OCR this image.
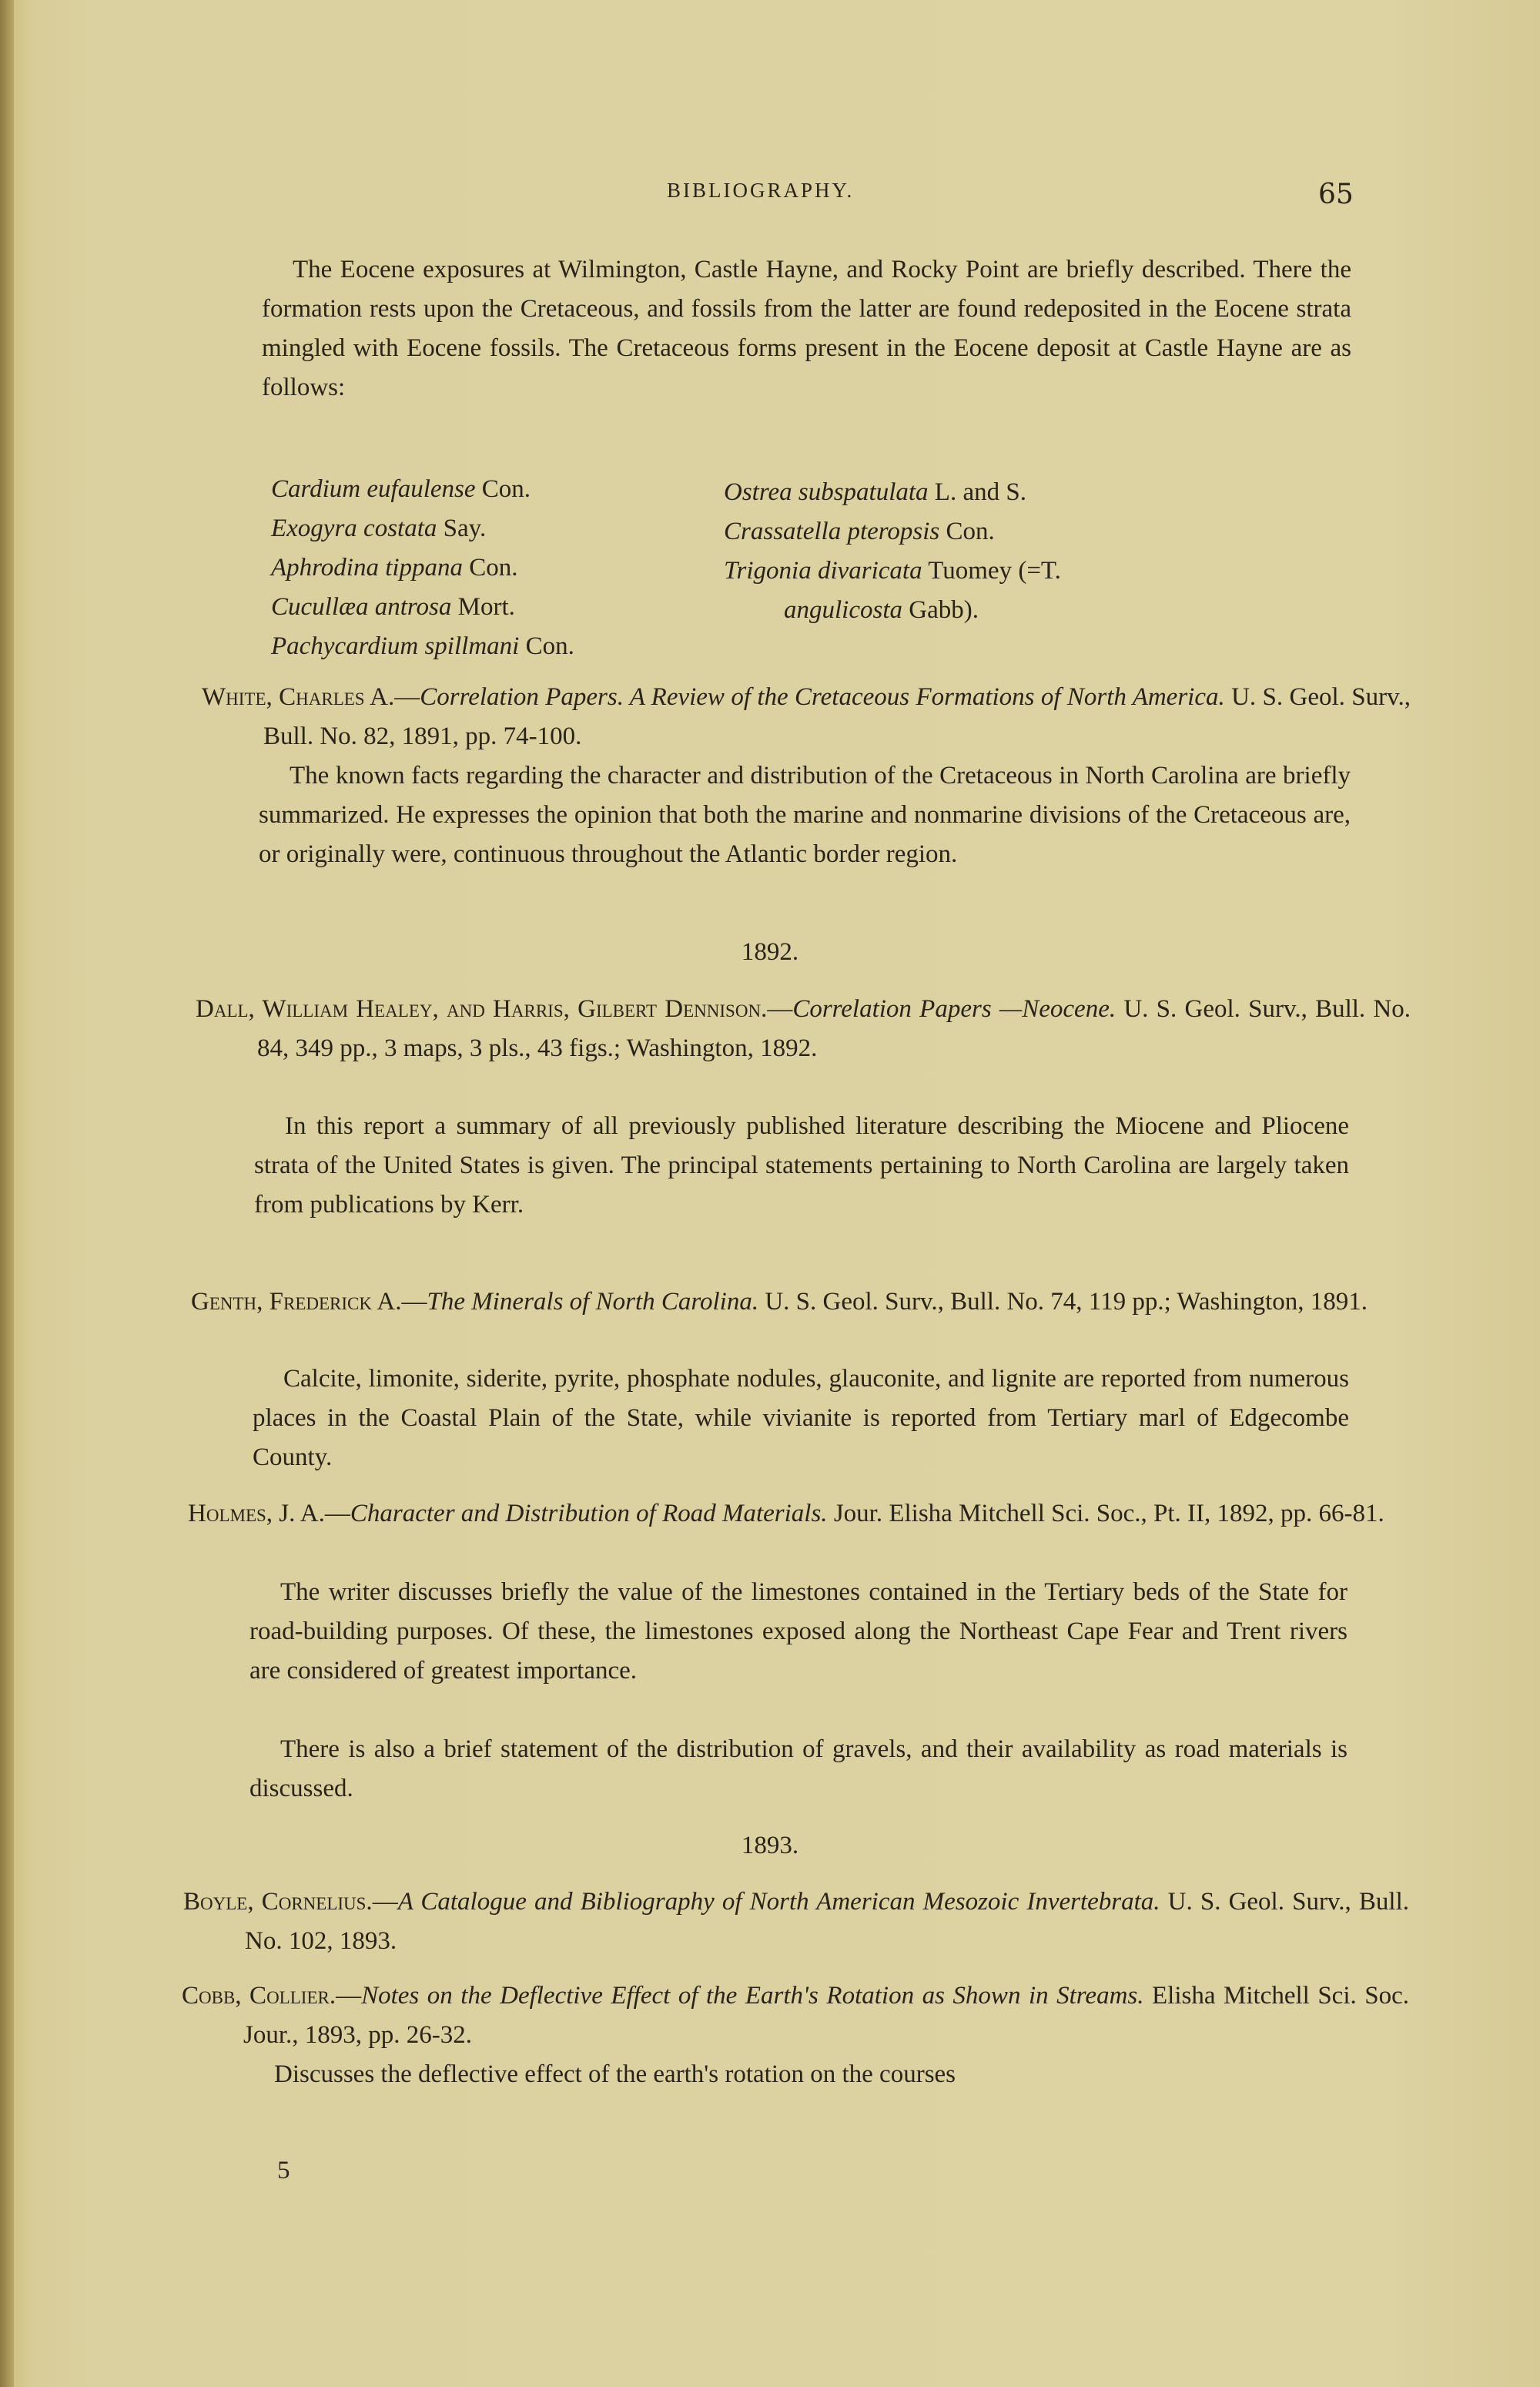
BIBLIOGRAPHY.	65
The Eocene exposures at Wilmington, Castle Hayne, and Rocky Point are briefly described. There the formation rests upon the Cretaceous, and fossils from the latter are found redeposited in the Eocene strata mingled with Eocene fossils. The Cretaceous forms present in the Eocene deposit at Castle Hayne are as follows:
Cardium eufaulense Con.
Exogyra costata Say.
Aphrodina tippana Con.
Cucullæa antrosa Mort.
Pachycardium spillmani Con.
Ostrea subspatulata L. and S.
Crassatella pteropsis Con.
Trigonia divaricata Tuomey (=T.
angulicosta Gabb).
White, Charles A.—Correlation Papers. A Review of the Cretaceous Formations of North America. U. S. Geol. Surv., Bull. No. 82, 1891, pp. 74-100.
The known facts regarding the character and distribution of the Cretaceous in North Carolina are briefly summarized. He expresses the opinion that both the marine and nonmarine divisions of the Cretaceous are, or originally were, continuous throughout the Atlantic border region.
1892.
Dall, William Healey, and Harris, Gilbert Dennison.—Correlation Papers —Neocene. U. S. Geol. Surv., Bull. No. 84, 349 pp., 3 maps, 3 pls., 43 figs.; Washington, 1892.
In this report a summary of all previously published literature describing the Miocene and Pliocene strata of the United States is given. The principal statements pertaining to North Carolina are largely taken from publications by Kerr.
Genth, Frederick A.—The Minerals of North Carolina. U. S. Geol. Surv., Bull. No. 74, 119 pp.; Washington, 1891.
Calcite, limonite, siderite, pyrite, phosphate nodules, glauconite, and lignite are reported from numerous places in the Coastal Plain of the State, while vivianite is reported from Tertiary marl of Edgecombe County.
Holmes, J. A.—Character and Distribution of Road Materials. Jour. Elisha Mitchell Sci. Soc., Pt. II, 1892, pp. 66-81.
The writer discusses briefly the value of the limestones contained in the Tertiary beds of the State for road-building purposes. Of these, the limestones exposed along the Northeast Cape Fear and Trent rivers are considered of greatest importance.
There is also a brief statement of the distribution of gravels, and their availability as road materials is discussed.
1893.
Boyle, Cornelius.—A Catalogue and Bibliography of North American Mesozoic Invertebrata. U. S. Geol. Surv., Bull. No. 102, 1893.
Cobb, Collier.—Notes on the Deflective Effect of the Earth's Rotation as Shown in Streams. Elisha Mitchell Sci. Soc. Jour., 1893, pp. 26-32.
Discusses the deflective effect of the earth's rotation on the courses
5
